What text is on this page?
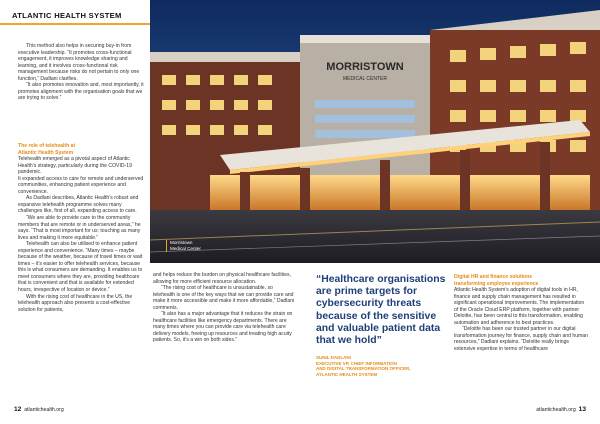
ATLANTIC HEALTH SYSTEM

This method also helps in securing buy-in from executive leadership. “It promotes cross-functional engagement, it improves knowledge sharing and learning, and it involves cross-functional risk management because risks do not pertain to only one function,” Dadlani clarifies.

“It also promotes innovation and, most importantly, it promotes alignment with the organisation goals that we are trying to solve.”

The role of telehealth at

Atlantic Health System

Telehealth emerged as a pivotal aspect of Atlantic Health’s strategy, particularly during the COVID-19 pandemic.

It expanded access to care for remote and underserved communities, enhancing patient experience and convenience.

As Dadlani describes, Atlantic Health’s robust and expansive telehealth programme solves many challenges like, first of all, expanding access to care.

“We are able to provide care to the community members that are remote or in underserved areas,” he says. “That is most important for us: touching as many lives and making it more equitable.”

Telehealth can also be utilised to enhance patient experience and convenience. “Many times – maybe because of the weather, because of travel times or wait times – it’s easier to offer telehealth services, because this is what consumers are demanding. It enables us to meet consumers where they are, providing healthcare that is convenient and that is available for extended hours, irrespective of location or device.”

With the rising cost of healthcare in the US, the telehealth approach also presents a cost-effective solution for patients,

MORRISTOWN
MEDICAL CENTER
Morristown
Medical Center

and helps reduce the burden on physical healthcare facilities, allowing for more efficient resource allocation.

“The rising cost of healthcare is unsustainable, so telehealth is one of the key ways that we can provide care and make it more accessible and make it more affordable,” Dadlani comments.

“It also has a major advantage that it reduces the strain on healthcare facilities like emergency departments. There are many times where you can provide care via telehealth care delivery models, freeing up resources and treating high acuity patients. So, it’s a win on both sides.”

“Healthcare organisations are prime targets for cybersecurity threats because of the sensitive and valuable patient data that we hold”
SUNIL DADLANI
EXECUTIVE VP, CHIEF INFORMATION
AND DIGITAL TRANSFORMATION OFFICER,
ATLANTIC HEALTH SYSTEM

Digital HR and finance solutions

transforming employee experience

Atlantic Health System’s adoption of digital tools in HR, finance and supply chain management has resulted in significant operational improvements. The implementation of the Oracle Cloud ERP platform, together with partner Deloitte, has been central to this transformation, enabling automation and adherence to best practices.

“Deloitte has been our trusted partner in our digital transformation journey for finance, supply chain and human resources,” Dadlani explains. “Deloitte really brings extensive expertise in terms of healthcare

12 atlantichealth.org	atlantichealth.org 13
